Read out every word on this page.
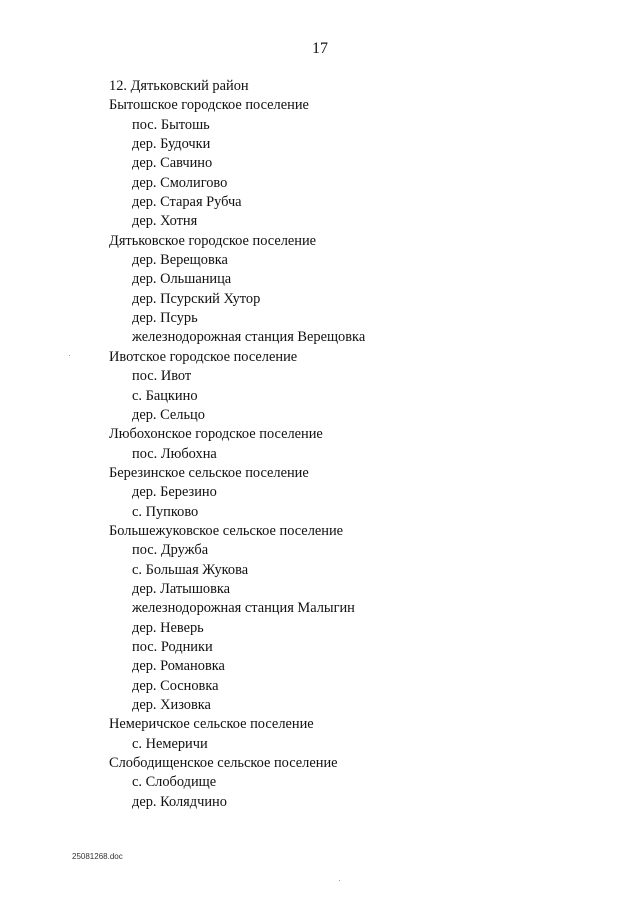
17
12. Дятьковский район
Бытошское городское поселение
пос. Бытошь
дер. Будочки
дер. Савчино
дер. Смолигово
дер. Старая Рубча
дер. Хотня
Дятьковское городское поселение
дер. Верещовка
дер. Ольшаница
дер. Псурский Хутор
дер. Псурь
железнодорожная станция Верещовка
Ивотское городское поселение
пос. Ивот
с. Бацкино
дер. Сельцо
Любохонское городское поселение
пос. Любохна
Березинское сельское поселение
дер. Березино
с. Пупково
Большежуковское сельское поселение
пос. Дружба
с. Большая Жукова
дер. Латышовка
железнодорожная станция Малыгин
дер. Неверь
пос. Родники
дер. Романовка
дер. Сосновка
дер. Хизовка
Немеричское сельское поселение
с. Немеричи
Слободищенское сельское поселение
с. Слободище
дер. Колядчино
25081268.doc
